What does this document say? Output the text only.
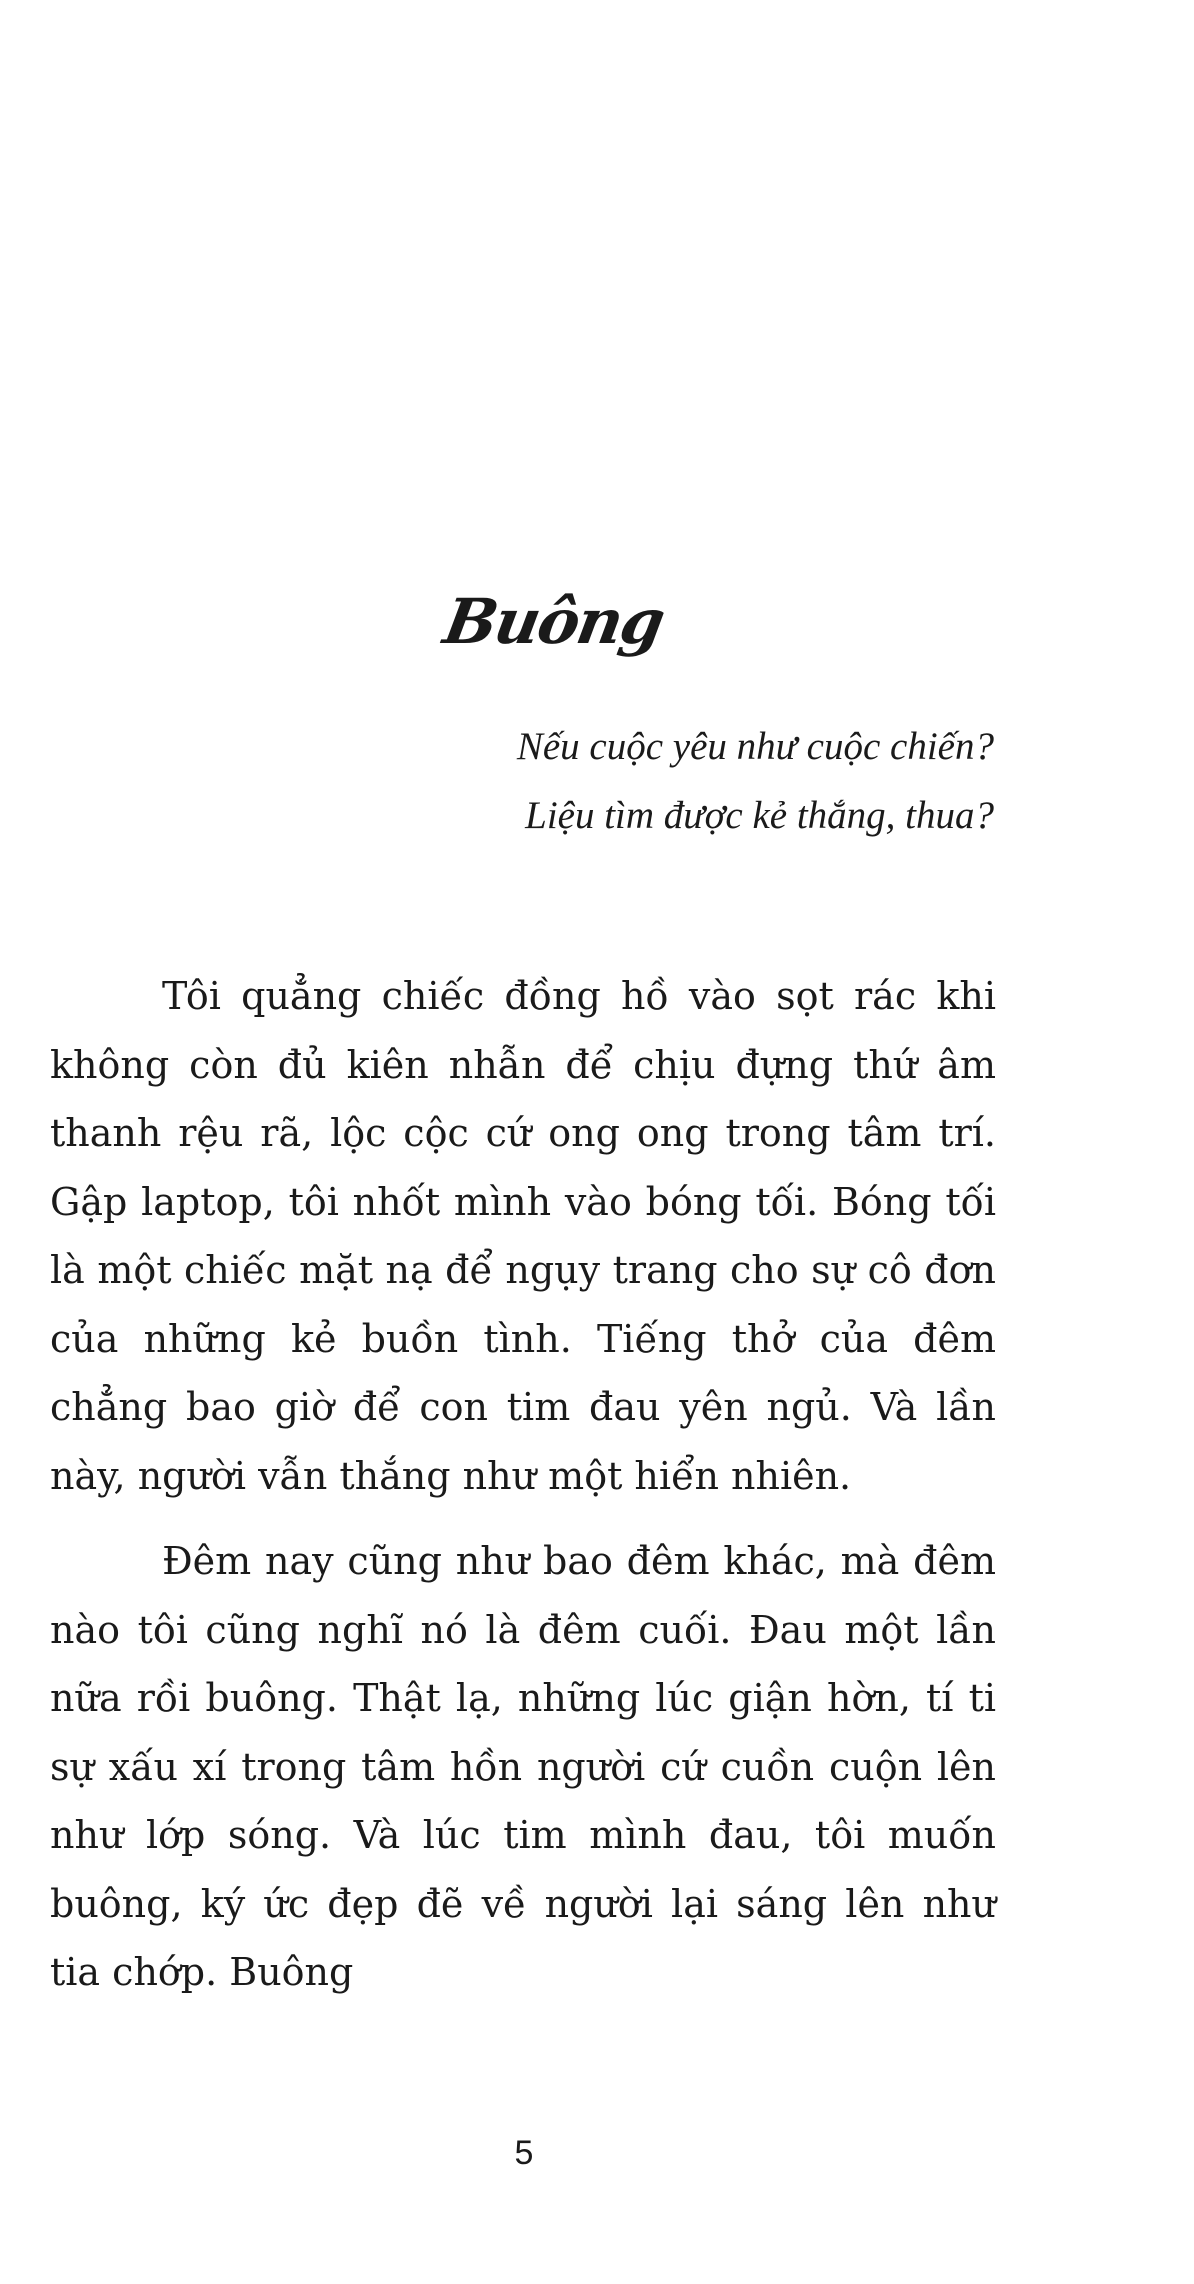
Buông
Nếu cuộc yêu như cuộc chiến?
Liệu tìm được kẻ thắng, thua?

Tôi quẳng chiếc đồng hồ vào sọt rác khi không còn đủ kiên nhẫn để chịu đựng thứ âm thanh rệu rã, lộc cộc cứ ong ong trong tâm trí. Gập laptop, tôi nhốt mình vào bóng tối. Bóng tối là một chiếc mặt nạ để ngụy trang cho sự cô đơn của những kẻ buồn tình. Tiếng thở của đêm chẳng bao giờ để con tim đau yên ngủ. Và lần này, người vẫn thắng như một hiển nhiên.

Đêm nay cũng như bao đêm khác, mà đêm nào tôi cũng nghĩ nó là đêm cuối. Đau một lần nữa rồi buông. Thật lạ, những lúc giận hờn, tí ti sự xấu xí trong tâm hồn người cứ cuồn cuộn lên như lớp sóng. Và lúc tim mình đau, tôi muốn buông, ký ức đẹp đẽ về người lại sáng lên như tia chớp. Buông

5
